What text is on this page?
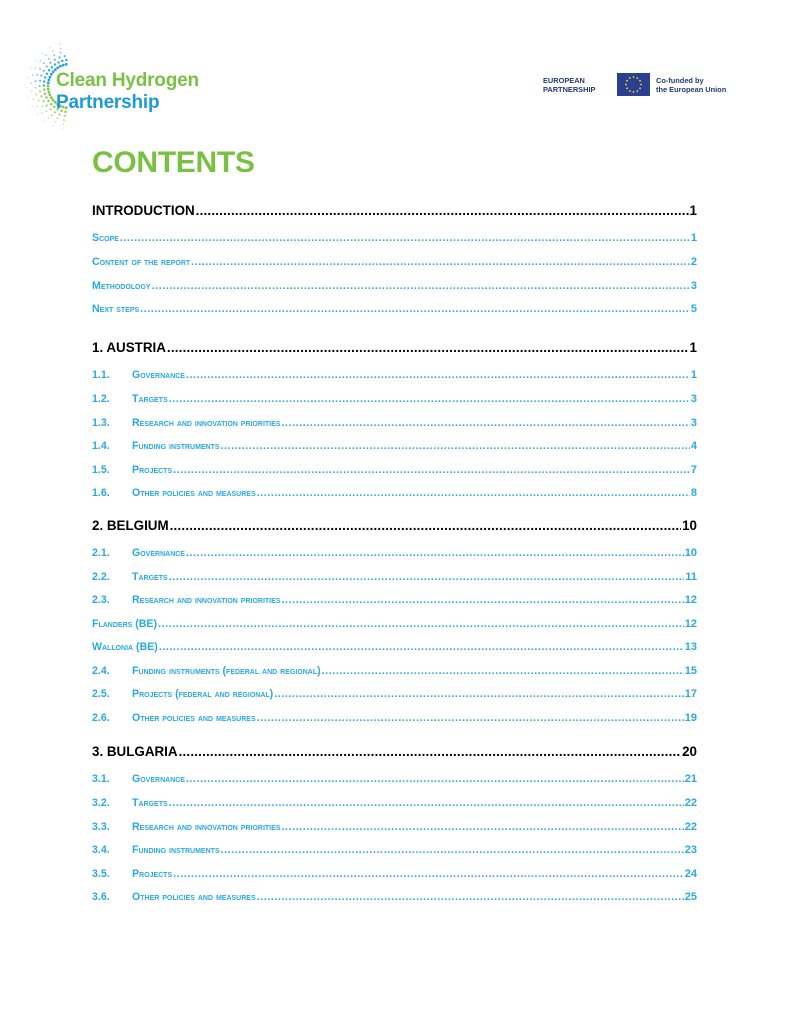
Clean Hydrogen
Partnership
EUROPEAN
PARTNERSHIP
Co-funded by
the European Union
CONTENTS
INTRODUCTION .....	1
Scope .....	1
Content of the report .....	2
Methodology .....	3
Next steps .....	5
1. AUSTRIA .....	1
1.1.	Governance .....	1
1.2.	Targets .....	3
1.3.	Research and innovation priorities .....	3
1.4.	Funding instruments .....	4
1.5.	Projects .....	7
1.6.	Other policies and measures .....	8
2. BELGIUM .....	10
2.1.	Governance .....	10
2.2.	Targets .....	11
2.3.	Research and innovation priorities .....	12
Flanders (BE) .....	12
Wallonia (BE) .....	13
2.4.	Funding instruments (federal and regional) .....	15
2.5.	Projects (federal and regional) .....	17
2.6.	Other policies and measures .....	19
3. BULGARIA .....	20
3.1.	Governance .....	21
3.2.	Targets .....	22
3.3.	Research and innovation priorities .....	22
3.4.	Funding instruments .....	23
3.5.	Projects .....	24
3.6.	Other policies and measures .....	25
